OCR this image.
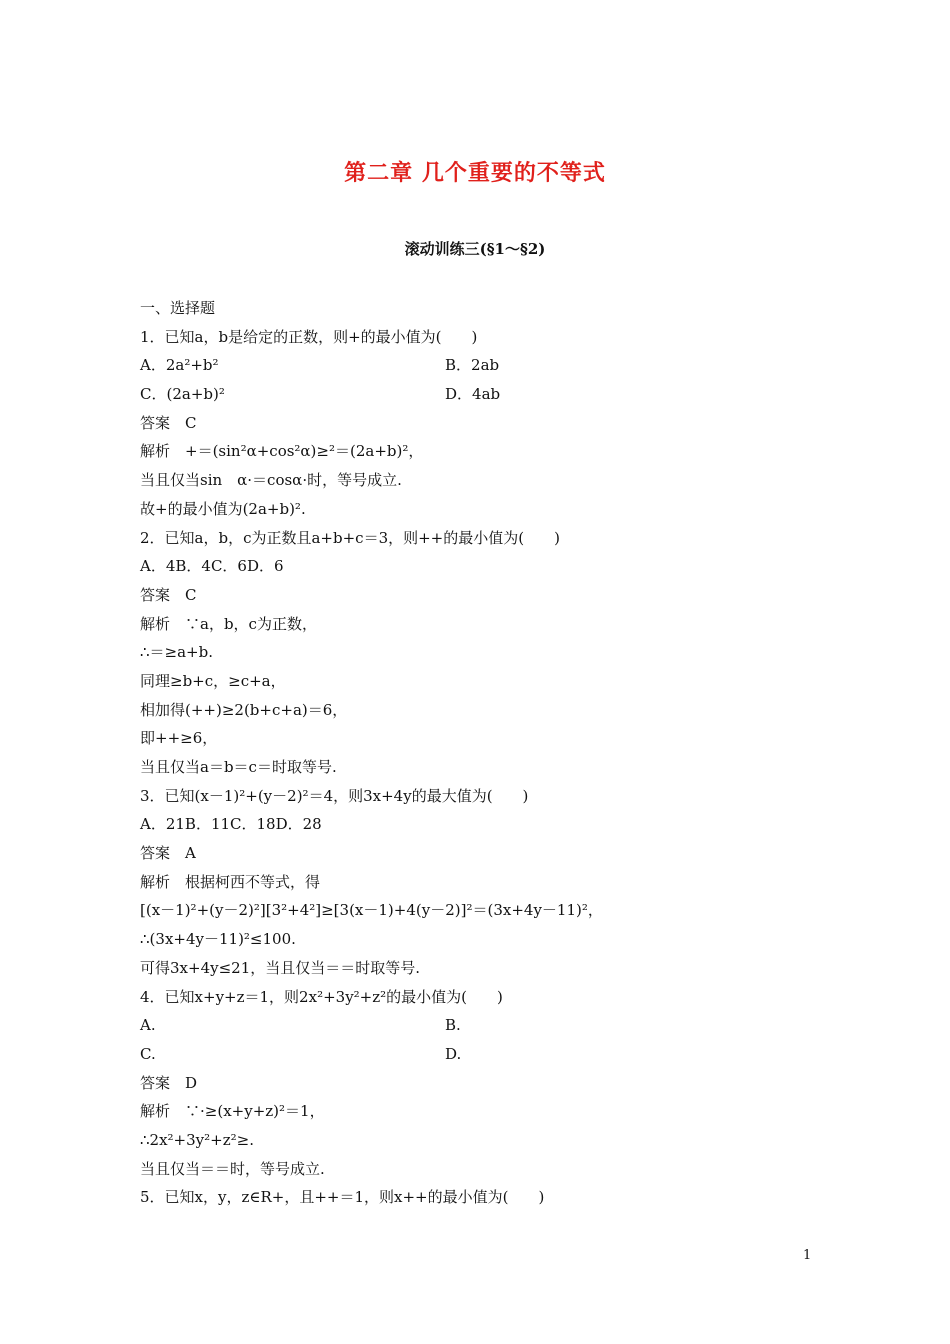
第二章 几个重要的不等式
滚动训练三(§1～§2)
一、选择题
1．已知a，b是给定的正数，则+的最小值为(　　)
A．2a²+b²	B．2ab
C．(2a+b)²	D．4ab
答案　C
解析　+＝(sin²α+cos²α)≥²＝(2a+b)²，
当且仅当sin　α·＝cosα·时，等号成立.
故+的最小值为(2a+b)².
2．已知a，b，c为正数且a+b+c＝3，则++的最小值为(　　)
A．4B．4C．6D．6
答案　C
解析　∵a，b，c为正数，
∴＝≥a+b.
同理≥b+c，≥c+a，
相加得(++)≥2(b+c+a)＝6，
即++≥6，
当且仅当a＝b＝c＝时取等号.
3．已知(x－1)²+(y－2)²＝4，则3x+4y的最大值为(　　)
A．21B．11C．18D．28
答案　A
解析　根据柯西不等式，得
[(x－1)²+(y－2)²][3²+4²]≥[3(x－1)+4(y－2)]²＝(3x+4y－11)²，
∴(3x+4y－11)²≤100.
可得3x+4y≤21，当且仅当＝＝时取等号.
4．已知x+y+z＝1，则2x²+3y²+z²的最小值为(　　)
A.	B.
C.	D.
答案　D
解析　∵·≥(x+y+z)²＝1，
∴2x²+3y²+z²≥.
当且仅当＝＝时，等号成立.
5．已知x，y，z∈R+，且++＝1，则x++的最小值为(　　)
1
